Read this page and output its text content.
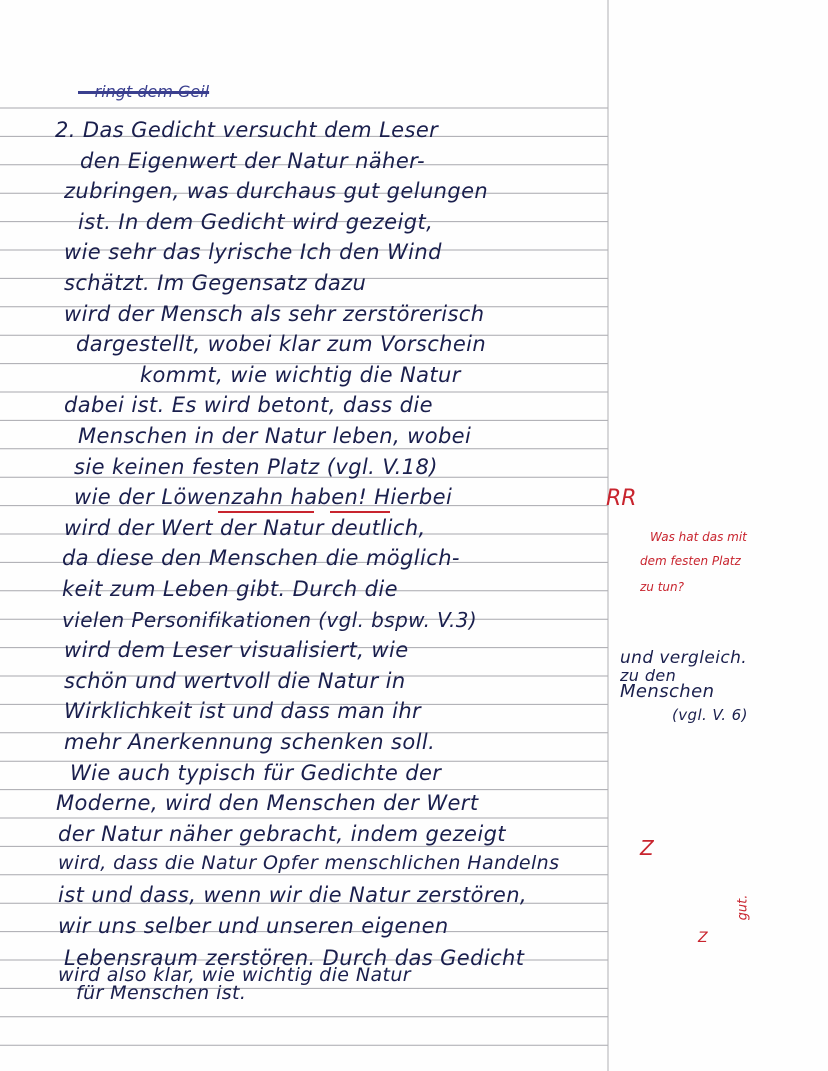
-- ringt dem Geil
2. Das Gedicht versucht dem Leser
den Eigenwert der Natur näher-
zubringen, was durchaus gut gelungen
ist. In dem Gedicht wird gezeigt,
wie sehr das lyrische Ich den Wind
schätzt. Im Gegensatz dazu
wird der Mensch als sehr zerstörerisch
dargestellt, wobei klar zum Vorschein
kommt, wie wichtig die Natur
dabei ist. Es wird betont, dass die
Menschen in der Natur leben, wobei
sie keinen festen Platz (vgl. V.18)
wie der Löwenzahn haben! Hierbei
wird der Wert der Natur deutlich,
da diese den Menschen die möglich-
keit zum Leben gibt. Durch die
vielen Personifikationen (vgl. bspw. V.3)
wird dem Leser visualisiert, wie
schön und wertvoll die Natur in
Wirklichkeit ist und dass man ihr
mehr Anerkennung schenken soll.
Wie auch typisch für Gedichte der
Moderne, wird den Menschen der Wert
der Natur näher gebracht, indem gezeigt
wird, dass die Natur Opfer menschlichen Handelns
ist und dass, wenn wir die Natur zerstören,
wir uns selber und unseren eigenen
Lebensraum zerstören. Durch das Gedicht
wird also klar, wie wichtig die Natur
für Menschen ist.
und vergleich.
zu den
Menschen
(vgl. V. 6)
RR
Was hat das mit
dem festen Platz
zu tun?
Z
gut.
Z
